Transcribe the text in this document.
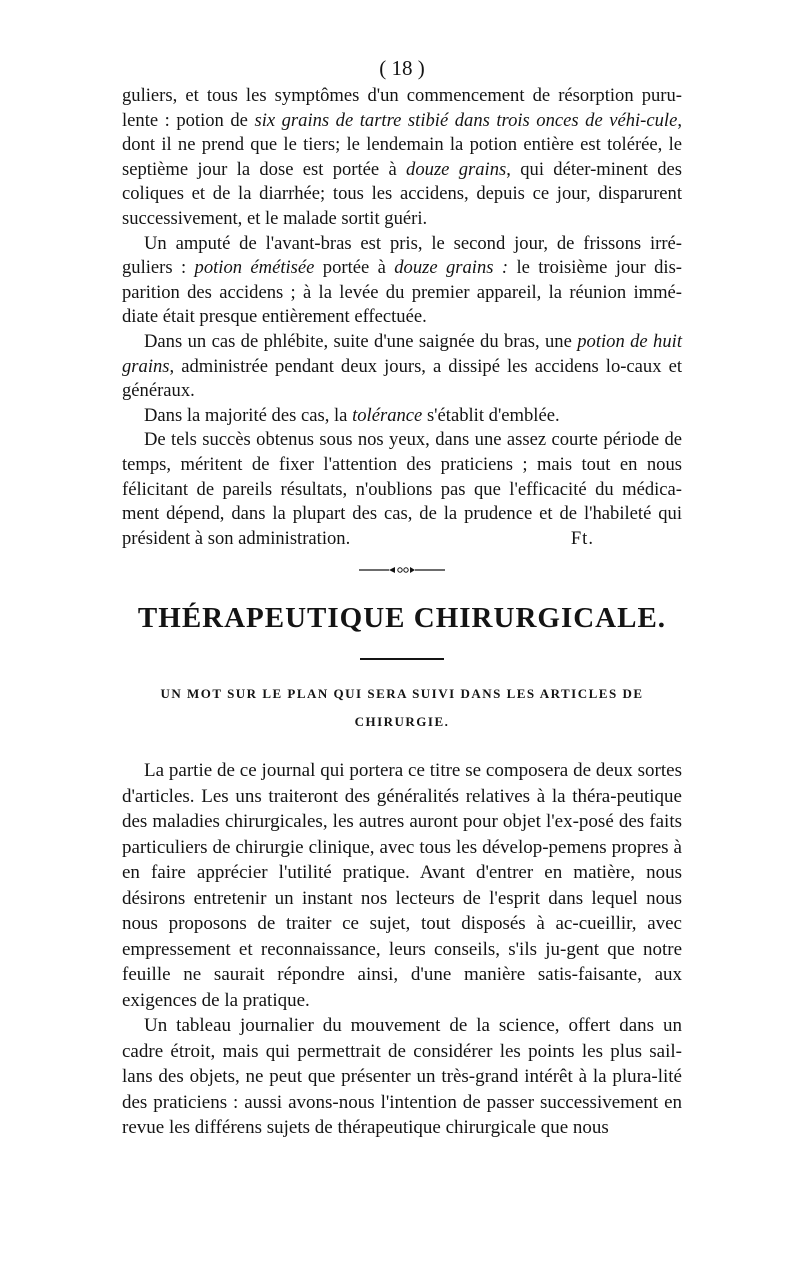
( 18 )

guliers, et tous les symptômes d'un commencement de résorption puru-lente : potion de six grains de tartre stibié dans trois onces de véhi-cule, dont il ne prend que le tiers; le lendemain la potion entière est tolérée, le septième jour la dose est portée à douze grains, qui déter-minent des coliques et de la diarrhée; tous les accidens, depuis ce jour, disparurent successivement, et le malade sortit guéri.

Un amputé de l'avant-bras est pris, le second jour, de frissons irré-guliers : potion émétisée portée à douze grains : le troisième jour dis-parition des accidens ; à la levée du premier appareil, la réunion immé-diate était presque entièrement effectuée.

Dans un cas de phlébite, suite d'une saignée du bras, une potion de huit grains, administrée pendant deux jours, a dissipé les accidens lo-caux et généraux.

Dans la majorité des cas, la tolérance s'établit d'emblée.

De tels succès obtenus sous nos yeux, dans une assez courte période de temps, méritent de fixer l'attention des praticiens ; mais tout en nous félicitant de pareils résultats, n'oublions pas que l'efficacité du médica-ment dépend, dans la plupart des cas, de la prudence et de l'habileté qui président à son administration.	Ft.

THÉRAPEUTIQUE CHIRURGICALE.
UN MOT SUR LE PLAN QUI SERA SUIVI DANS LES ARTICLES DE
CHIRURGIE.

La partie de ce journal qui portera ce titre se composera de deux sortes d'articles. Les uns traiteront des généralités relatives à la théra-peutique des maladies chirurgicales, les autres auront pour objet l'ex-posé des faits particuliers de chirurgie clinique, avec tous les dévelop-pemens propres à en faire apprécier l'utilité pratique. Avant d'entrer en matière, nous désirons entretenir un instant nos lecteurs de l'esprit dans lequel nous nous proposons de traiter ce sujet, tout disposés à ac-cueillir, avec empressement et reconnaissance, leurs conseils, s'ils ju-gent que notre feuille ne saurait répondre ainsi, d'une manière satis-faisante, aux exigences de la pratique.

Un tableau journalier du mouvement de la science, offert dans un cadre étroit, mais qui permettrait de considérer les points les plus sail-lans des objets, ne peut que présenter un très-grand intérêt à la plura-lité des praticiens : aussi avons-nous l'intention de passer successivement en revue les différens sujets de thérapeutique chirurgicale que nous
